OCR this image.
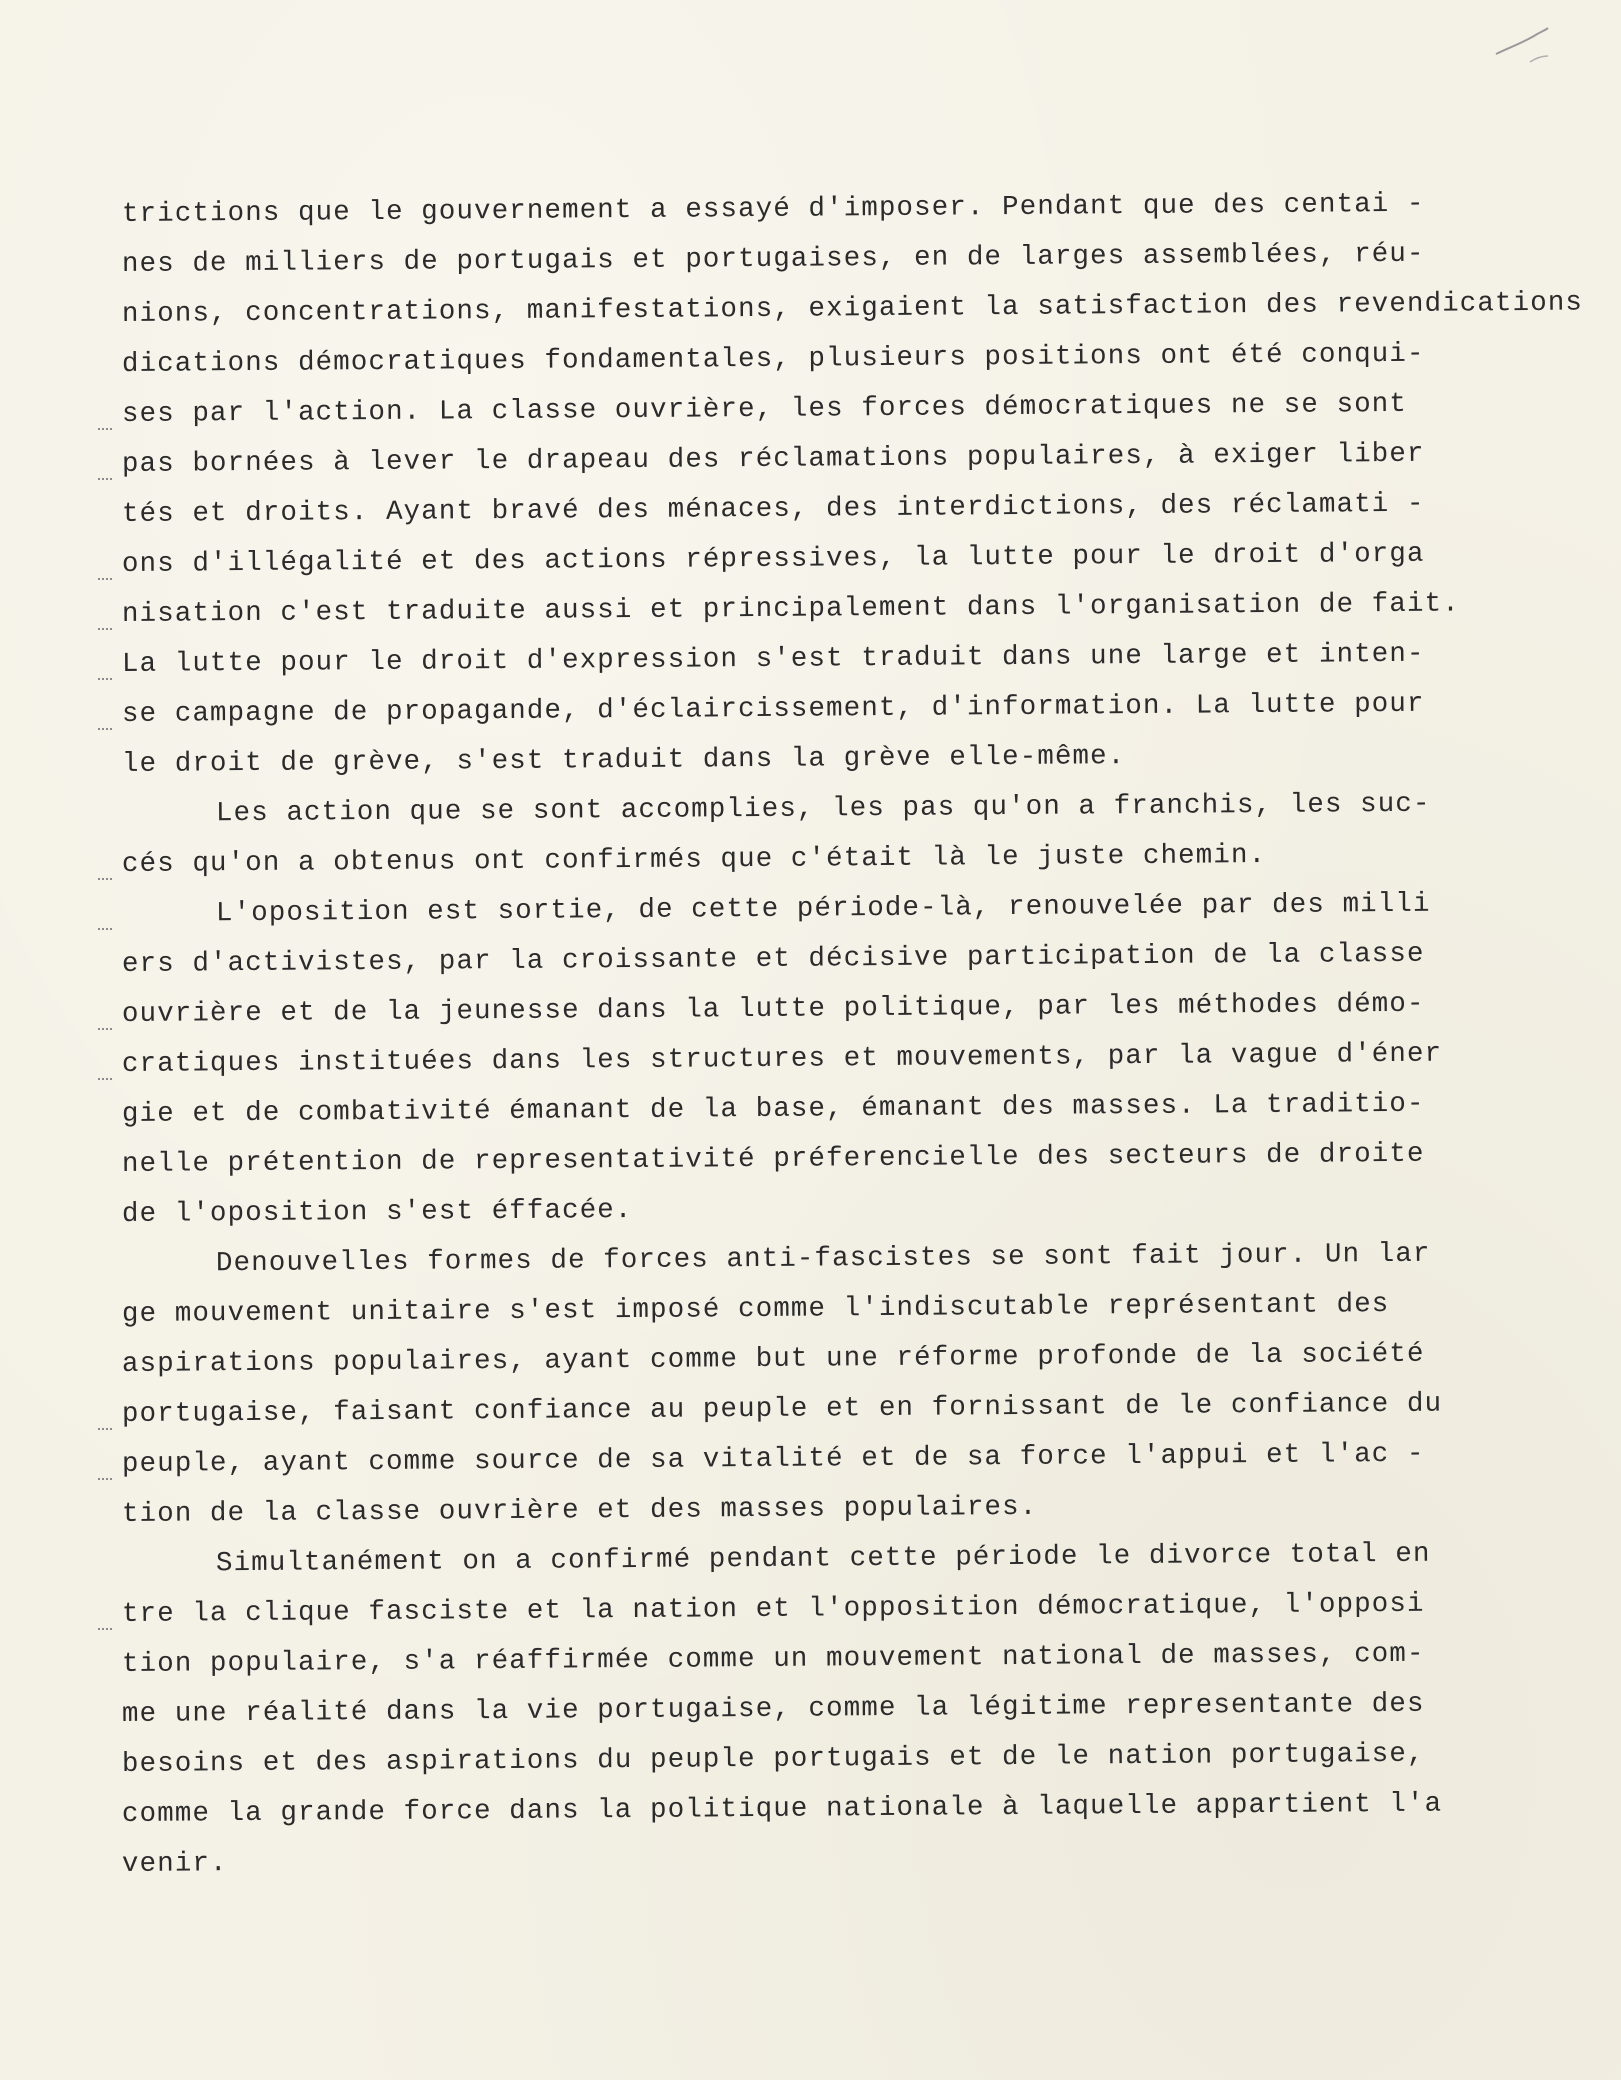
trictions que le gouvernement a essayé d'imposer. Pendant que des centai -
nes de milliers de portugais et portugaises, en de larges assemblées, réu-
nions, concentrations, manifestations, exigaient la satisfaction des revendications
dications démocratiques fondamentales, plusieurs positions ont été conqui-
ses par l'action. La classe ouvrière, les forces démocratiques ne se sont
pas bornées à lever le drapeau des réclamations populaires, à exiger liber
tés et droits. Ayant bravé des ménaces, des interdictions, des réclamati -
ons d'illégalité et des actions répressives, la lutte pour le droit d'orga
nisation c'est traduite aussi et principalement dans l'organisation de fait.
La lutte pour le droit d'expression s'est traduit dans une large et inten-
se campagne de propagande, d'éclaircissement, d'information. La lutte pour
le droit de grève, s'est traduit dans la grève elle-même.
Les action que se sont accomplies, les pas qu'on a franchis, les suc-
cés qu'on a obtenus ont confirmés que c'était là le juste chemin.
L'oposition est sortie, de cette période-là, renouvelée par des milli
ers d'activistes, par la croissante et décisive participation de la classe
ouvrière et de la jeunesse dans la lutte politique, par les méthodes démo-
cratiques instituées dans les structures et mouvements, par la vague d'éner
gie et de combativité émanant de la base, émanant des masses. La traditio-
nelle prétention de representativité préferencielle des secteurs de droite
de l'oposition s'est éffacée.
Denouvelles formes de forces anti-fascistes se sont fait jour. Un lar
ge mouvement unitaire s'est imposé comme l'indiscutable représentant des
aspirations populaires, ayant comme but une réforme profonde de la société
portugaise, faisant confiance au peuple et en fornissant de le confiance du
peuple, ayant comme source de sa vitalité et de sa force l'appui et l'ac -
tion de la classe ouvrière et des masses populaires.
Simultanément on a confirmé pendant cette période le divorce total en
tre la clique fasciste et la nation et l'opposition démocratique, l'opposi
tion populaire, s'a réaffirmée comme un mouvement national de masses, com-
me une réalité dans la vie portugaise, comme la légitime representante des
besoins et des aspirations du peuple portugais et de le nation portugaise,
comme la grande force dans la politique nationale à laquelle appartient l'a
venir.
